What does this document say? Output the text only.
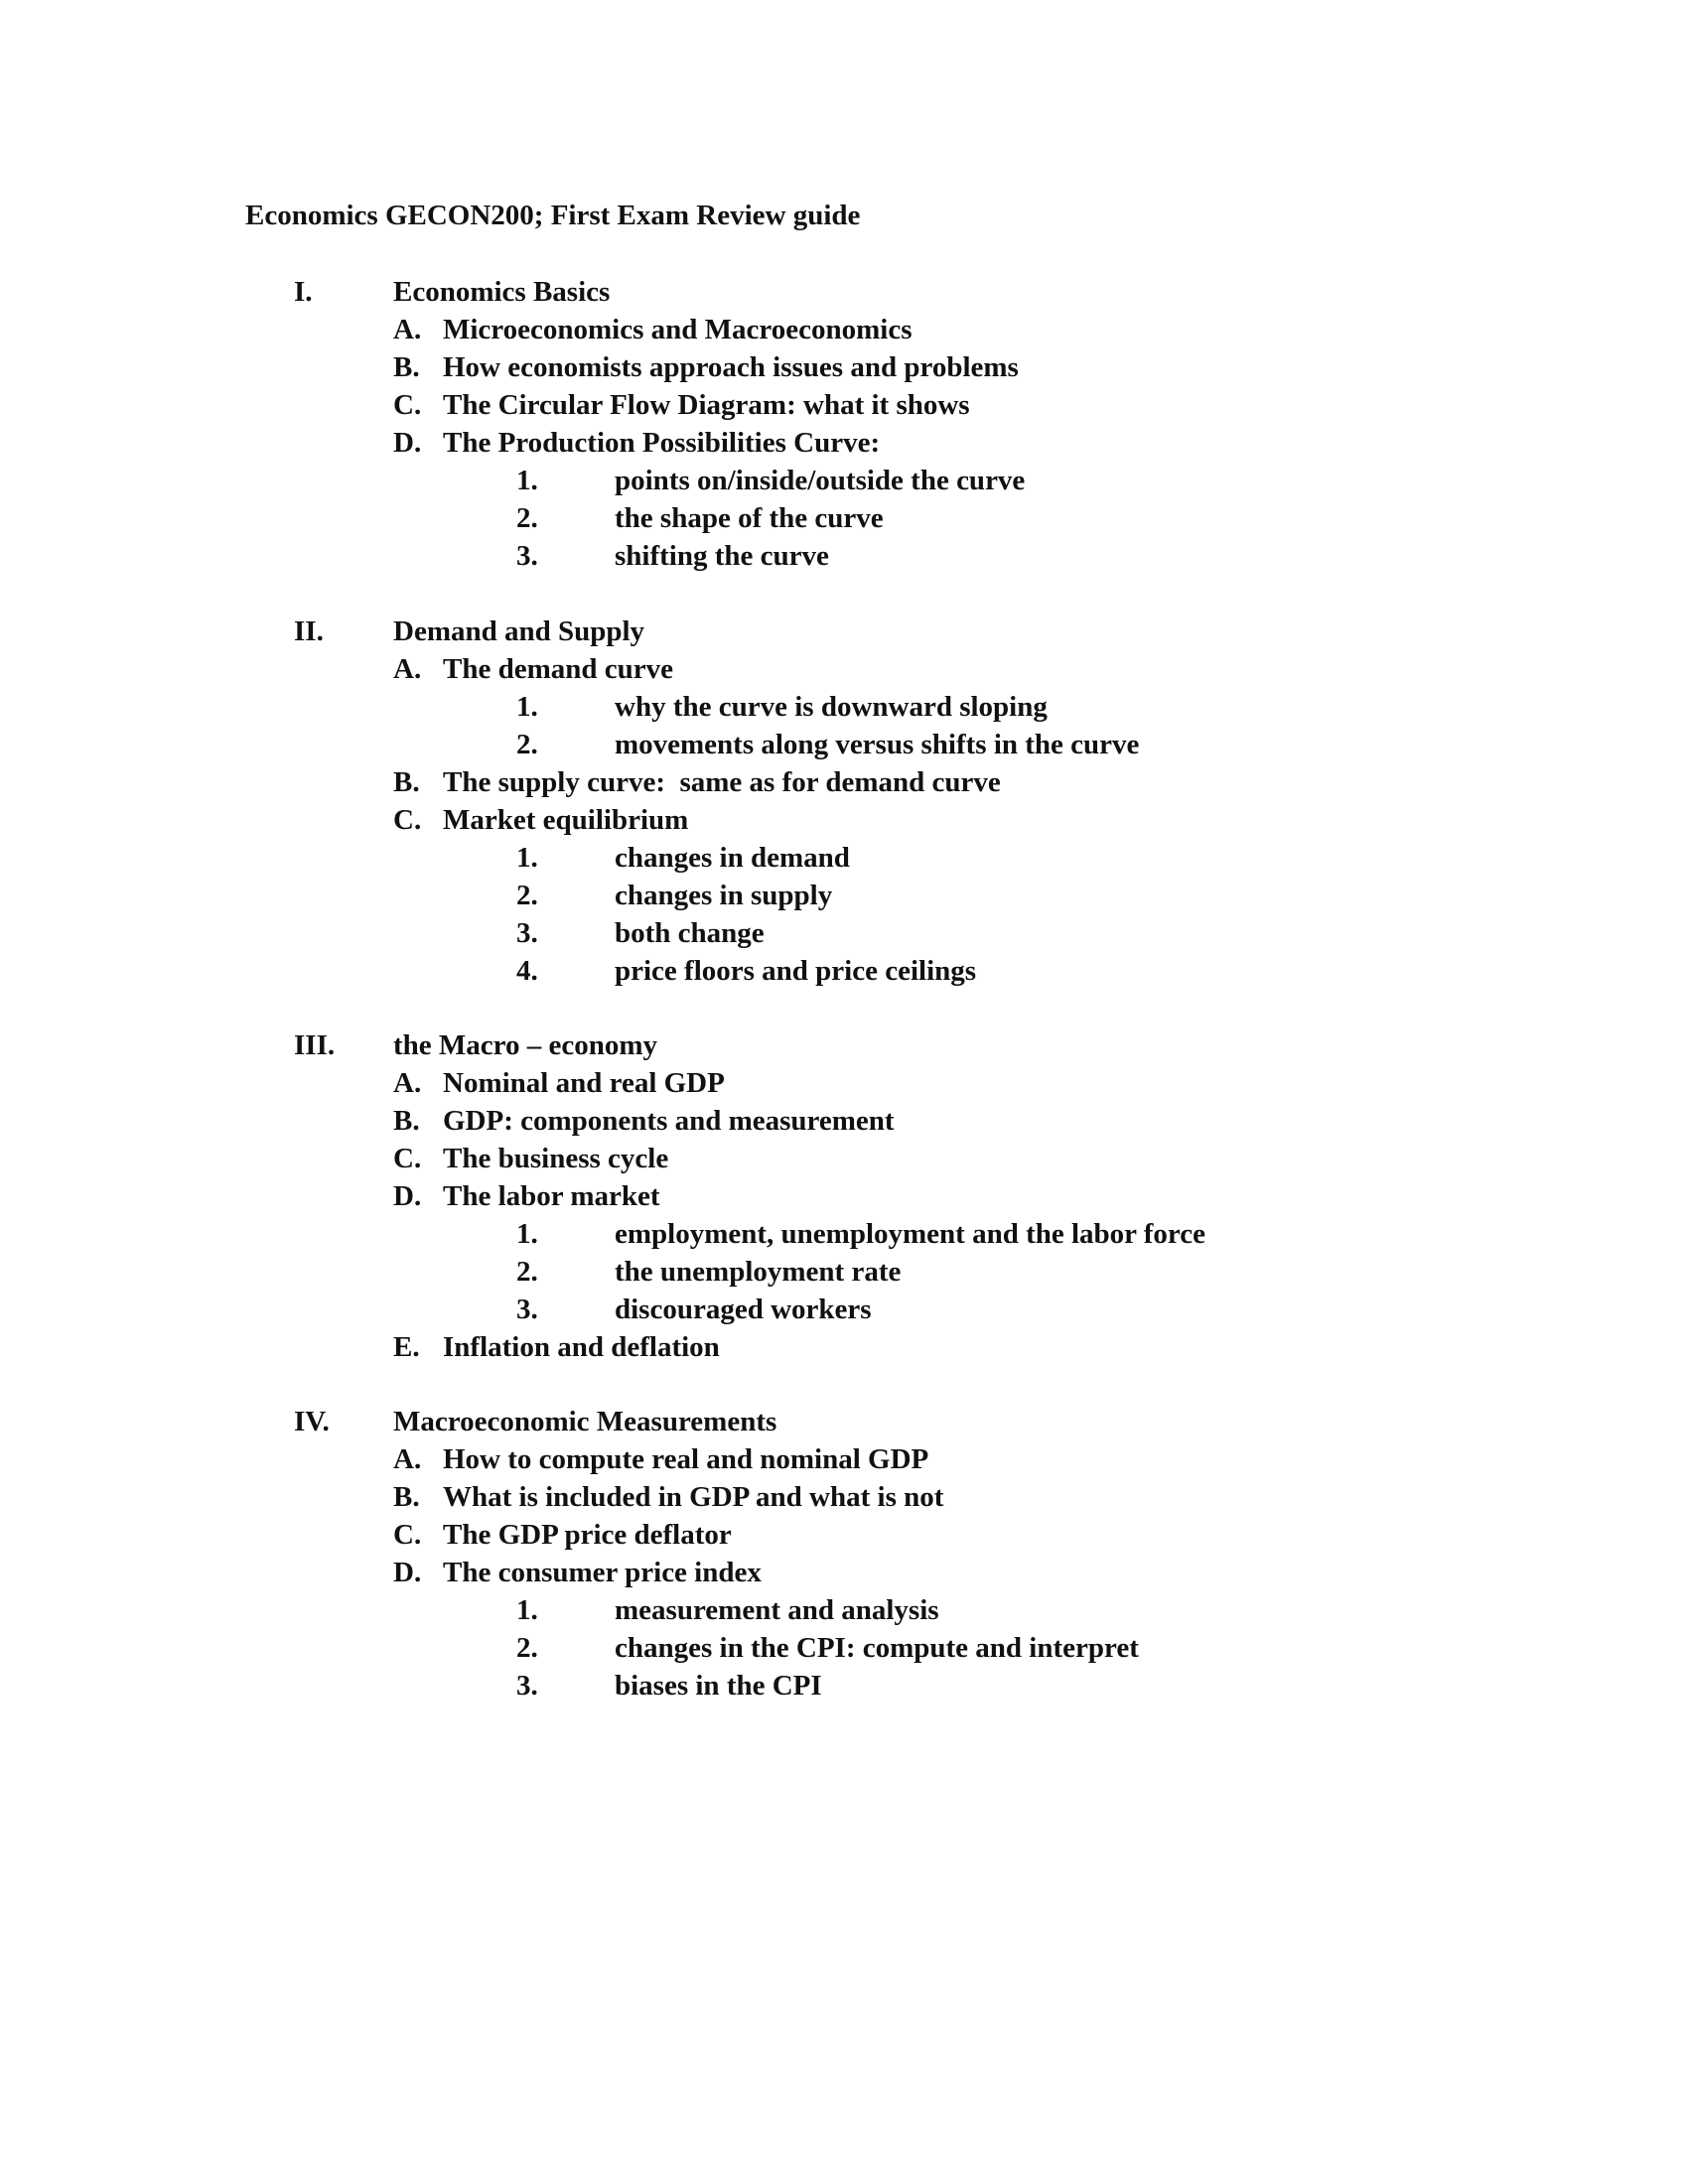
Economics GECON200; First Exam Review guide
I.	Economics Basics
A. Microeconomics and Macroeconomics
B. How economists approach issues and problems
C. The Circular Flow Diagram: what it shows
D. The Production Possibilities Curve:
1.	points on/inside/outside the curve
2.	the shape of the curve
3.	shifting the curve
II. Demand and Supply
A. The demand curve
1.	why the curve is downward sloping
2.	movements along versus shifts in the curve
B. The supply curve:  same as for demand curve
C. Market equilibrium
1.	changes in demand
2.	changes in supply
3.	both change
4.	price floors and price ceilings
III. the Macro – economy
A. Nominal and real GDP
B. GDP: components and measurement
C. The business cycle
D. The labor market
1.	employment, unemployment and the labor force
2.	the unemployment rate
3.	discouraged workers
E. Inflation and deflation
IV. Macroeconomic Measurements
A. How to compute real and nominal GDP
B. What is included in GDP and what is not
C. The GDP price deflator
D. The consumer price index
1.	measurement and analysis
2.	changes in the CPI: compute and interpret
3.	biases in the CPI
